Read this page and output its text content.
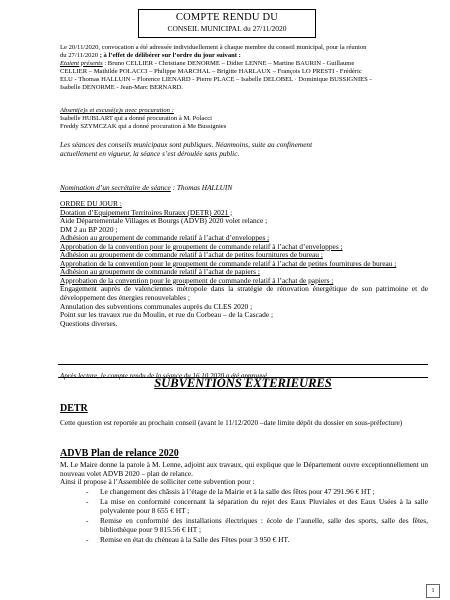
COMPTE RENDU DU
CONSEIL MUNICIPAL du 27/11/2020
Le 20/11/2020, convocation a été adressée individuellement à chaque membre du conseil municipal, pour la réunion
du 27/11/2020 ; à l’effet de délibérer sur l’ordre du jour suivant :
Etaient présents : Bruno CELLIER - Christiane DENORME – Didier LENNE – Martine BAURIN - Guillaume
CELLIER – Mathilde POLACCI – Philippe MARCHAL – Brigitte HARLAUX – François LO PRESTI - Frédéric
ELU - Thomas HALLUIN – Florence LIENARD - Pierre PLACE – Isabelle DELOBEL · Dominique BUSSIGNIES -
Isabelle DENORME - Jean-Marc BERNARD.
Absent(e)s et excusé(e)s avec procuration :
Isabelle HUBLART qui a donné procuration à M. Polacci
Freddy SZYMCZAK qui a donné procuration à Me Bussignies
Les séances des conseils municipaux sont publiques. Néanmoins, suite au confinement
actuellement en vigueur, la séance s’est déroulée sans public.
Nomination d’un secrétaire de séance : Thomas HALLUIN
ORDRE DU JOUR :
Dotation d’Equipement Territoires Ruraux (DETR) 2021 ;
Aide Départementale Villages et Bourgs (ADVB) 2020 volet relance ;
DM 2 au BP 2020 ;
Adhésion au groupement de commande relatif à l’achat d’enveloppes ;
Approbation de la convention pour le groupement de commande relatif à l’achat d’enveloppes ;
Adhésion au groupement de commande relatif à l’achat de petites fournitures de bureau ;
Approbation de la convention pour le groupement de commande relatif à l’achat de petites fournitures de bureau ;
Adhésion au groupement de commande relatif à l’achat de papiers ;
Approbation de la convention pour le groupement de commande relatif à l’achat de papiers ;
Engagement auprès de valenciennes métropole dans la stratégie de rénovation énergétique de son patrimoine et de développement des énergies renouvelables ;
Annulation des subventions communales auprès du CLES 2020 ;
Point sur les travaux rue du Moulin, et rue du Corbeau – de la Cascade ;
Questions diverses.
Après lecture, le compte rendu de la séance du 16.10.2020 a été approuvé.
SUBVENTIONS EXTERIEURES
DETR
Cette question est reportée au prochain conseil (avant le 11/12/2020 –date limite dépôt du dossier en sous-préfecture)
ADVB Plan de relance 2020
M. Le Maire donne la parole à M. Lenne, adjoint aux travaux, qui explique que le Département ouvre exceptionnellement un nouveau volet ADVB 2020 – plan de relance.
Ainsi il propose à l’Assemblée de solliciter cette subvention pour :
- Le changement des châssis à l’étage de la Mairie et à la salle des fêtes pour 47 291.96 € HT ;
- La mise en conformité concernant la séparation du rejet des Eaux Pluviales et des Eaux Usées à la salle polyvalente pour 8 655 € HT ;
- Remise en conformité des installations électriques : école de l’aunelle, salle des sports, salle des fêtes, bibliothèque pour 9 815.56 € HT ;
- Remise en état du chéneau à la Salle des Fêtes pour 3 950 € HT.
1
